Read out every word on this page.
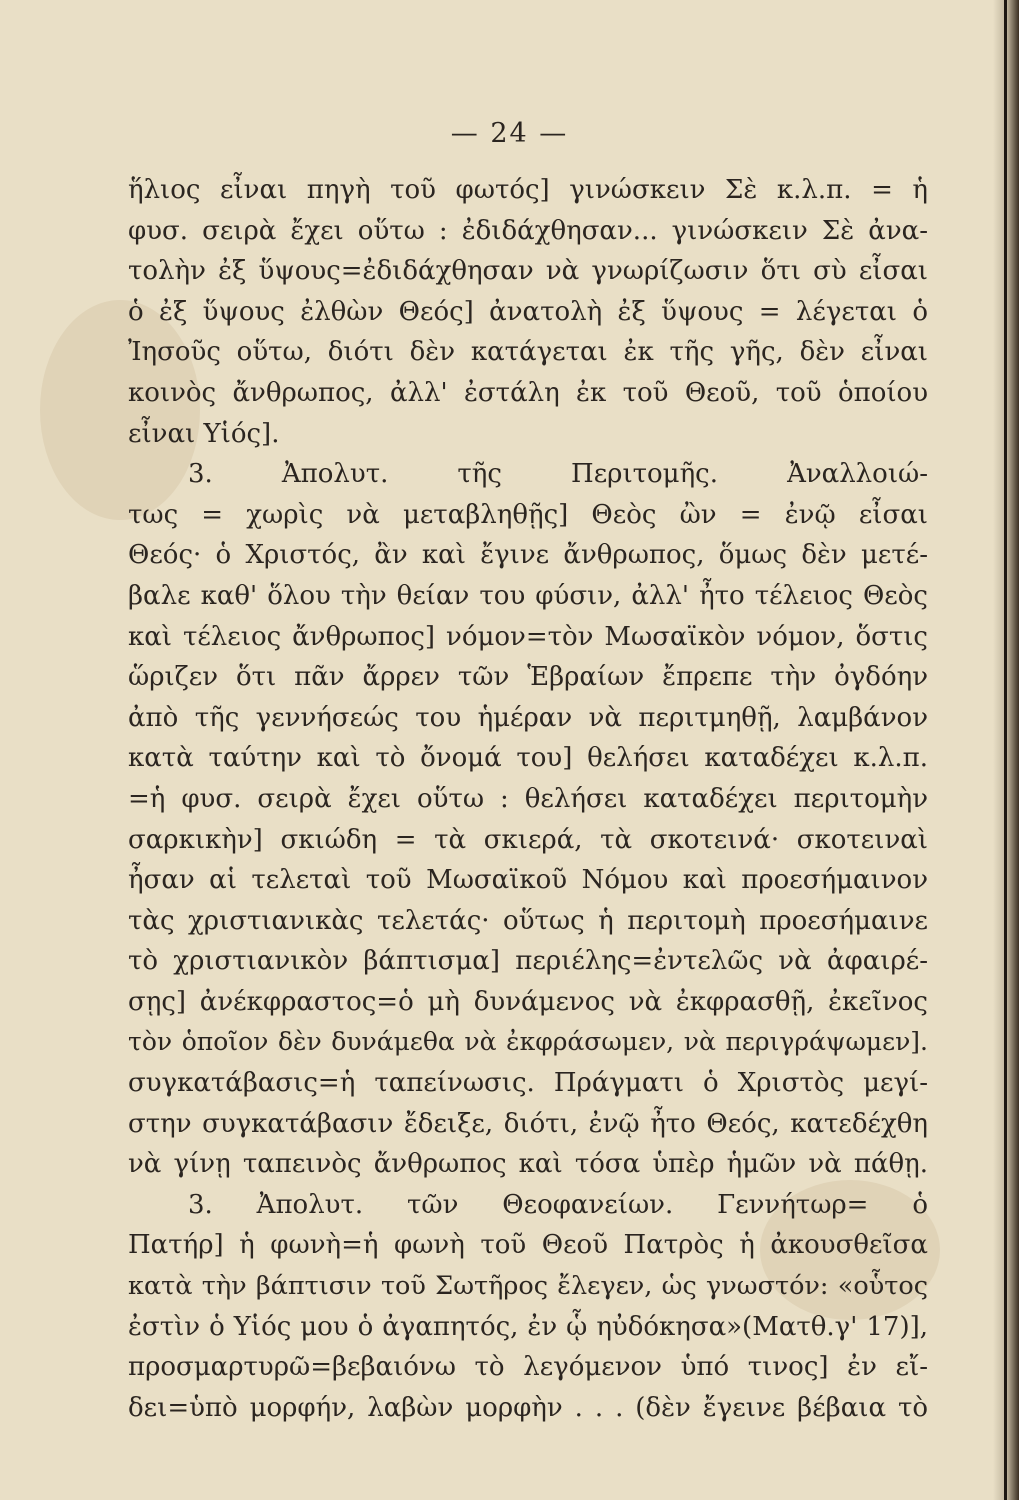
— 24 —
ἥλιος εἶναι πηγὴ τοῦ φωτός] γινώσκειν Σὲ κ.λ.π. = ἡ
φυσ. σειρὰ ἔχει οὕτω : ἐδιδάχθησαν... γινώσκειν Σὲ ἀνα-
τολὴν ἐξ ὕψους=ἐδιδάχθησαν νὰ γνωρίζωσιν ὅτι σὺ εἶσαι
ὁ ἐξ ὕψους ἐλθὼν Θεός] ἀνατολὴ ἐξ ὕψους = λέγεται ὁ
Ἰησοῦς οὕτω, διότι δὲν κατάγεται ἐκ τῆς γῆς, δὲν εἶναι
κοινὸς ἄνθρωπος, ἀλλ' ἐστάλη ἐκ τοῦ Θεοῦ, τοῦ ὁποίου
εἶναι Υἱός].
3. Ἀπολυτ. τῆς Περιτομῆς. Ἀναλλοιώ-
τως = χωρὶς νὰ μεταβληθῇς] Θεὸς ὢν = ἐνῷ εἶσαι
Θεός· ὁ Χριστός, ἂν καὶ ἔγινε ἄνθρωπος, ὅμως δὲν μετέ-
βαλε καθ' ὅλου τὴν θείαν του φύσιν, ἀλλ' ἦτο τέλειος Θεὸς
καὶ τέλειος ἄνθρωπος] νόμον=τὸν Μωσαϊκὸν νόμον, ὅστις
ὥριζεν ὅτι πᾶν ἄρρεν τῶν Ἑβραίων ἔπρεπε τὴν ὀγδόην
ἀπὸ τῆς γεννήσεώς του ἡμέραν νὰ περιτμηθῇ, λαμβάνον
κατὰ ταύτην καὶ τὸ ὄνομά του] θελήσει καταδέχει κ.λ.π.
=ἡ φυσ. σειρὰ ἔχει οὕτω : θελήσει καταδέχει περιτομὴν
σαρκικὴν] σκιώδη = τὰ σκιερά, τὰ σκοτεινά· σκοτειναὶ
ἦσαν αἱ τελεταὶ τοῦ Μωσαϊκοῦ Νόμου καὶ προεσήμαινον
τὰς χριστιανικὰς τελετάς· οὕτως ἡ περιτομὴ προεσήμαινε
τὸ χριστιανικὸν βάπτισμα] περιέλης=ἐντελῶς νὰ ἀφαιρέ-
σῃς] ἀνέκφραστος=ὁ μὴ δυνάμενος νὰ ἐκφρασθῇ, ἐκεῖνος
τὸν ὁποῖον δὲν δυνάμεθα νὰ ἐκφράσωμεν, νὰ περιγράψωμεν].
συγκατάβασις=ἡ ταπείνωσις. Πράγματι ὁ Χριστὸς μεγί-
στην συγκατάβασιν ἔδειξε, διότι, ἐνῷ ἦτο Θεός, κατεδέχθη
νὰ γίνῃ ταπεινὸς ἄνθρωπος καὶ τόσα ὑπὲρ ἡμῶν νὰ πάθῃ.
3. Ἀπολυτ. τῶν Θεοφανείων. Γεννήτωρ= ὁ
Πατήρ] ἡ φωνὴ=ἡ φωνὴ τοῦ Θεοῦ Πατρὸς ἡ ἀκουσθεῖσα
κατὰ τὴν βάπτισιν τοῦ Σωτῆρος ἔλεγεν, ὡς γνωστόν: «οὗτος
ἐστὶν ὁ Υἱός μου ὁ ἀγαπητός, ἐν ᾧ ηὐδόκησα»(Ματθ.γ' 17)],
προσμαρτυρῶ=βεβαιόνω τὸ λεγόμενον ὑπό τινος] ἐν εἴ-
δει=ὑπὸ μορφήν, λαβὼν μορφὴν . . . (δὲν ἔγεινε βέβαια τὸ
